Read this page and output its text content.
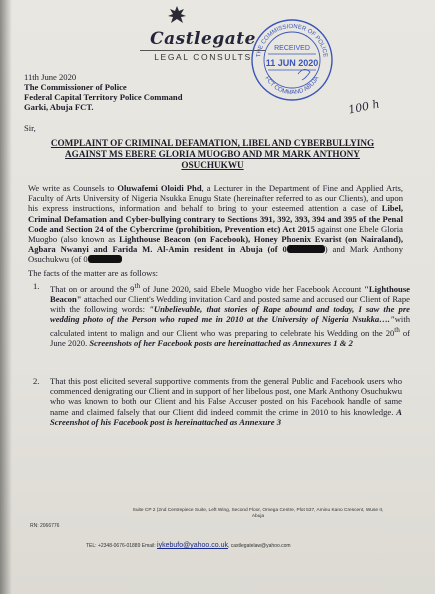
Castlegate
LEGAL CONSULTS THE COMMISSIONER OF POLICE
FCT COMMAND ABUJA
RECEIVED
11 JUN 2020
100 h
11th June 2020
The Commissioner of Police
Federal Capital Territory Police Command
Garki, Abuja FCT.
Sir,
COMPLAINT OF CRIMINAL DEFAMATION, LIBEL AND CYBERBULLYING
AGAINST MS EBERE GLORIA MUOGBO AND MR MARK ANTHONY
OSUCHUKWU
We write as Counsels to Oluwafemi Oloidi Phd, a Lecturer in the Department of Fine and Applied Arts, Faculty of Arts University of Nigeria Nsukka Enugu State (hereinafter referred to as our Clients), and upon his express instructions, information and behalf to bring to your esteemed attention a case of Libel, Criminal Defamation and Cyber-bullying contrary to Sections 391, 392, 393, 394 and 395 of the Penal Code and Section 24 of the Cybercrime (prohibition, Prevention etc) Act 2015 against one Ebele Gloria Muogbo (also known as Lighthouse Beacon (on Facebook), Honey Phoenix Evarist (on Nairaland), Agbara Nwanyi and Farida M. Al-Amin resident in Abuja (of 0	) and Mark Anthony Osuchukwu (of 0
The facts of the matter are as follows:
1. That on or around the 9th of June 2020, said Ebele Muogbo vide her Facebook Account "Lighthouse Beacon" attached our Client's Wedding invitation Card and posted same and accused our Client of Rape with the following words: "Unbelievable, that stories of Rape abound and today, I saw the pre wedding photo of the Person who raped me in 2010 at the University of Nigeria Nsukka…."with calculated intent to malign and our Client who was preparing to celebrate his Wedding on the 20th of June 2020. Screenshots of her Facebook posts are hereinattached as Annexures 1 & 2
2. That this post elicited several supportive comments from the general Public and Facebook users who commenced denigrating our Client and in support of her libelous post, one Mark Anthony Osuchukwu who was known to both our Client and his False Accuser posted on his Facebook handle of same name and claimed falsely that our Client did indeed commit the crime in 2010 to his knowledge. A Screenshot of his Facebook post is hereinattached as Annexure 3
Suite CP 2 (2nd Centrepiece Suite, Left Wing, Second Floor, Omega Centre, Plot 537, Aminu Kano Crescent, Wuse II,
Abuja
RN: 2066776
TEL: +2348-0676-01889 Email: iykebufo@yahoo.co.uk, castlegatelaw@yahoo.com
